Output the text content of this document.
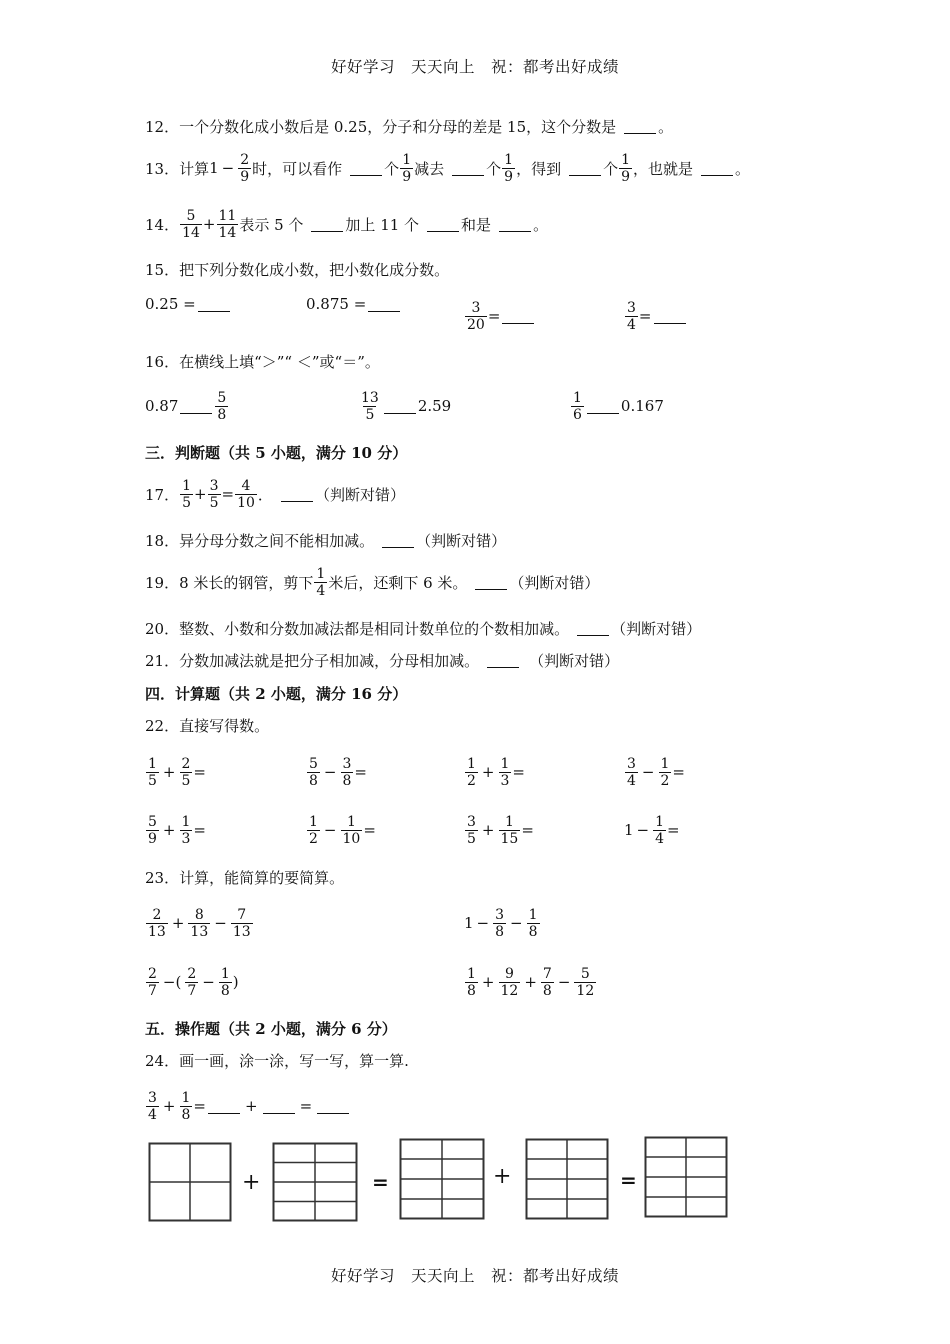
好好学习　天天向上　祝：都考出好成绩
12． 一个分数化成小数后是 0.25，分子和分母的差是 15，这个分数是	。
13． 计算 $1 - \frac{2}{9}$ 时，可以看作	个 $\frac{1}{9}$ 减去	个 $\frac{1}{9}$ ，得到	个 $\frac{1}{9}$ ，也就是	。
14． $\frac{5}{14} + \frac{11}{14}$ 表示 5 个	加上 11 个	和是	。
15． 把下列分数化成小数，把小数化成分数。
0.25 =	0.875 =	$\frac{3}{20}$ =	$\frac{3}{4}$ =
16． 在横线上填“＞”“ ＜”或“＝”。
0.87	$\frac{5}{8}$	$\frac{13}{5} 2.59$	$\frac{1}{6} 0.167$
三．判断题（共 5 小题，满分 10 分）
17． $\frac{1}{5} + \frac{3}{5} = \frac{4}{10}$ ．	（判断对错）
18． 异分母分数之间不能相加减。	（判断对错）
19． 8 米长的钢管，剪下 $\frac{1}{4}$ 米后，还剩下 6 米。	（判断对错）
20． 整数、小数和分数加减法都是相同计数单位的个数相加减。	（判断对错）
21． 分数加减法就是把分子相加减，分母相加减。	（判断对错）
四．计算题（共 2 小题，满分 16 分）
22． 直接写得数。
$\frac{1}{5} + \frac{2}{5}$ =	$\frac{5}{8} - \frac{3}{8}$ =	$\frac{1}{2} + \frac{1}{3}$ =	$\frac{3}{4} - \frac{1}{2}$ =
$\frac{5}{9} + \frac{1}{3}$ =	$\frac{1}{2} - \frac{1}{10}$ =	$\frac{3}{5} + \frac{1}{15}$ =	$1 - \frac{1}{4}$ =
23． 计算，能简算的要简算。
$\frac{2}{13} + \frac{8}{13} - \frac{7}{13}$	$1 - \frac{3}{8} - \frac{1}{8}$
$\frac{2}{7}$ −( $\frac{2}{7} - \frac{1}{8}$ )	$\frac{1}{8} + \frac{9}{12} + \frac{7}{8} - \frac{5}{12}$
五．操作题（共 2 小题，满分 6 分）
24． 画一画，涂一涂，写一写，算一算.
$\frac{3}{4} + \frac{1}{8}$ =	+	=
+	=	+	=
好好学习　天天向上　祝：都考出好成绩
